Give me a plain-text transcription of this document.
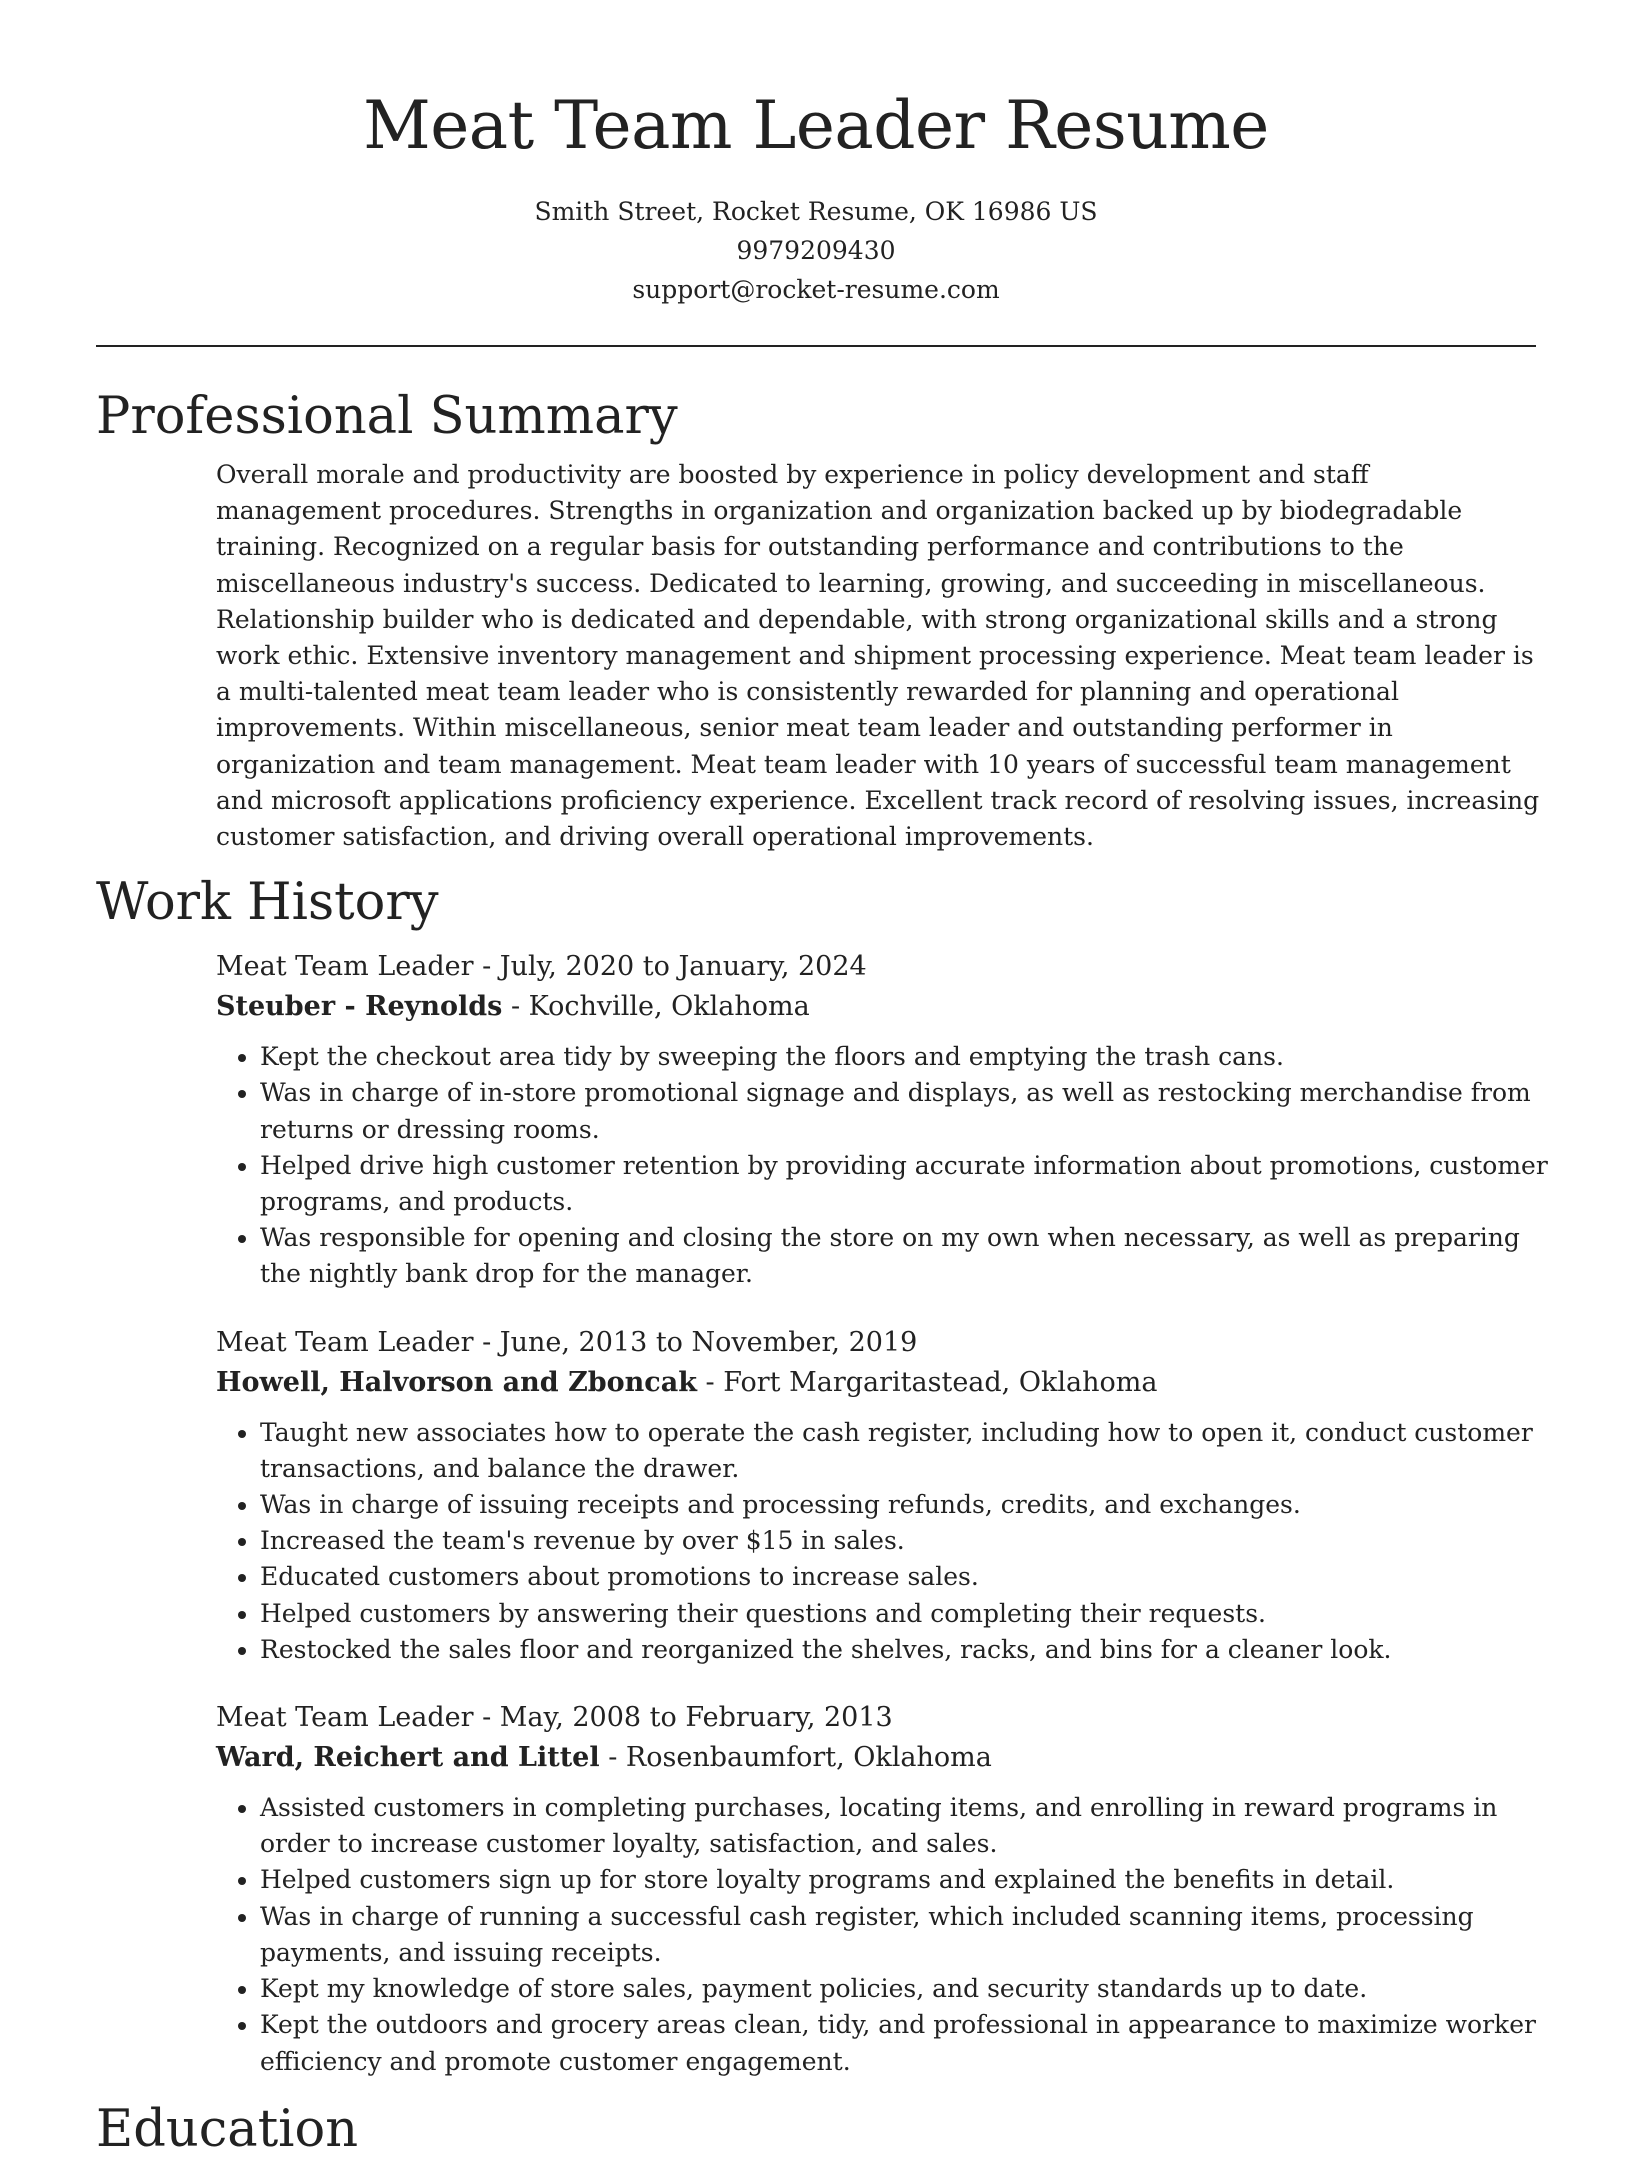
Meat Team Leader Resume
Smith Street, Rocket Resume, OK 16986 US
9979209430
support@rocket-resume.com
Professional Summary

Overall morale and productivity are boosted by experience in policy development and staff management procedures. Strengths in organization and organization backed up by biodegradable training. Recognized on a regular basis for outstanding performance and contributions to the miscellaneous industry's success. Dedicated to learning, growing, and succeeding in miscellaneous. Relationship builder who is dedicated and dependable, with strong organizational skills and a strong work ethic. Extensive inventory management and shipment processing experience. Meat team leader is a multi-talented meat team leader who is consistently rewarded for planning and operational improvements. Within miscellaneous, senior meat team leader and outstanding performer in organization and team management. Meat team leader with 10 years of successful team management and microsoft applications proficiency experience. Excellent track record of resolving issues, increasing customer satisfaction, and driving overall operational improvements.

Work History
Meat Team Leader - July, 2020 to January, 2024
Steuber - Reynolds - Kochville, Oklahoma
• Kept the checkout area tidy by sweeping the floors and emptying the trash cans.
• Was in charge of in-store promotional signage and displays, as well as restocking merchandise from returns or dressing rooms.
• Helped drive high customer retention by providing accurate information about promotions, customer programs, and products.
• Was responsible for opening and closing the store on my own when necessary, as well as preparing the nightly bank drop for the manager.
Meat Team Leader - June, 2013 to November, 2019
Howell, Halvorson and Zboncak - Fort Margaritastead, Oklahoma
• Taught new associates how to operate the cash register, including how to open it, conduct customer transactions, and balance the drawer.
• Was in charge of issuing receipts and processing refunds, credits, and exchanges.
• Increased the team's revenue by over $15 in sales.
• Educated customers about promotions to increase sales.
• Helped customers by answering their questions and completing their requests.
• Restocked the sales floor and reorganized the shelves, racks, and bins for a cleaner look.
Meat Team Leader - May, 2008 to February, 2013
Ward, Reichert and Littel - Rosenbaumfort, Oklahoma
• Assisted customers in completing purchases, locating items, and enrolling in reward programs in order to increase customer loyalty, satisfaction, and sales.
• Helped customers sign up for store loyalty programs and explained the benefits in detail.
• Was in charge of running a successful cash register, which included scanning items, processing payments, and issuing receipts.
• Kept my knowledge of store sales, payment policies, and security standards up to date.
• Kept the outdoors and grocery areas clean, tidy, and professional in appearance to maximize worker efficiency and promote customer engagement.
Education
